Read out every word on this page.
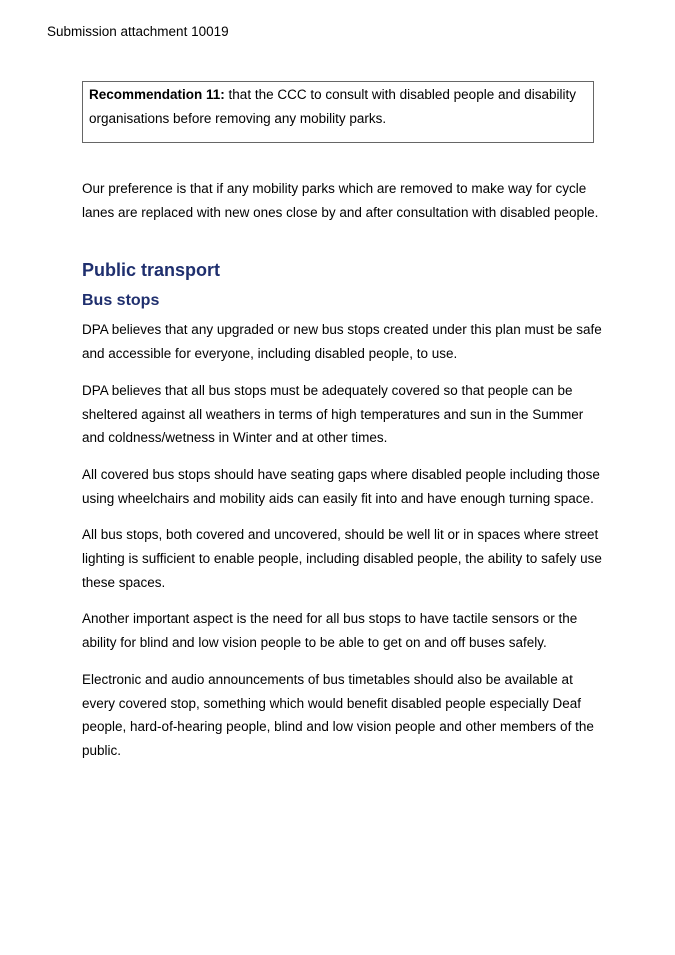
Submission attachment 10019
Recommendation 11: that the CCC to consult with disabled people and disability organisations before removing any mobility parks.

Our preference is that if any mobility parks which are removed to make way for cycle lanes are replaced with new ones close by and after consultation with disabled people.

Public transport
Bus stops

DPA believes that any upgraded or new bus stops created under this plan must be safe and accessible for everyone, including disabled people, to use.

DPA believes that all bus stops must be adequately covered so that people can be sheltered against all weathers in terms of high temperatures and sun in the Summer and coldness/wetness in Winter and at other times.

All covered bus stops should have seating gaps where disabled people including those using wheelchairs and mobility aids can easily fit into and have enough turning space.

All bus stops, both covered and uncovered, should be well lit or in spaces where street lighting is sufficient to enable people, including disabled people, the ability to safely use these spaces.

Another important aspect is the need for all bus stops to have tactile sensors or the ability for blind and low vision people to be able to get on and off buses safely.

Electronic and audio announcements of bus timetables should also be available at every covered stop, something which would benefit disabled people especially Deaf people, hard-of-hearing people, blind and low vision people and other members of the public.
